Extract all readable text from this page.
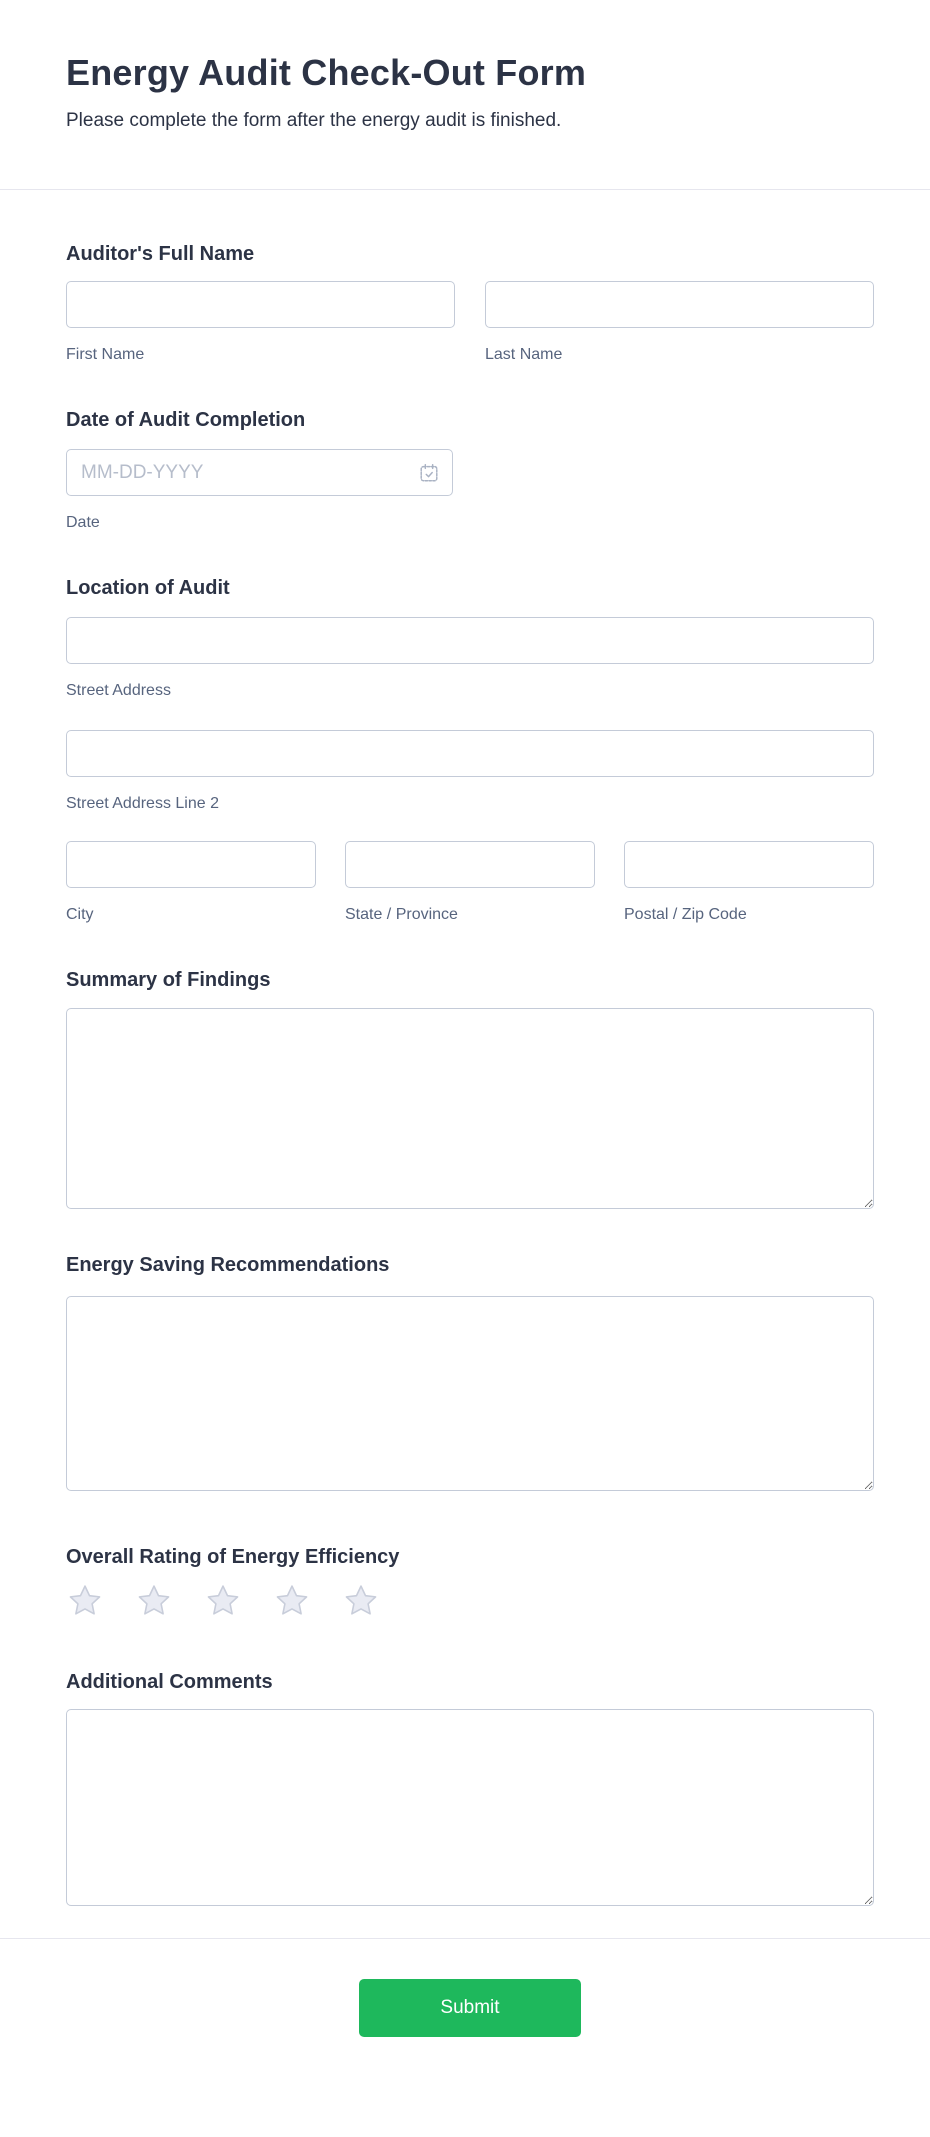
Energy Audit Check-Out Form
Please complete the form after the energy audit is finished.
Auditor's Full Name
First Name	Last Name
Date of Audit Completion
MM-DD-YYYY
Date
Location of Audit
Street Address
Street Address Line 2
City	State / Province	Postal / Zip Code
Summary of Findings
Energy Saving Recommendations
Overall Rating of Energy Efficiency
Additional Comments
Submit
